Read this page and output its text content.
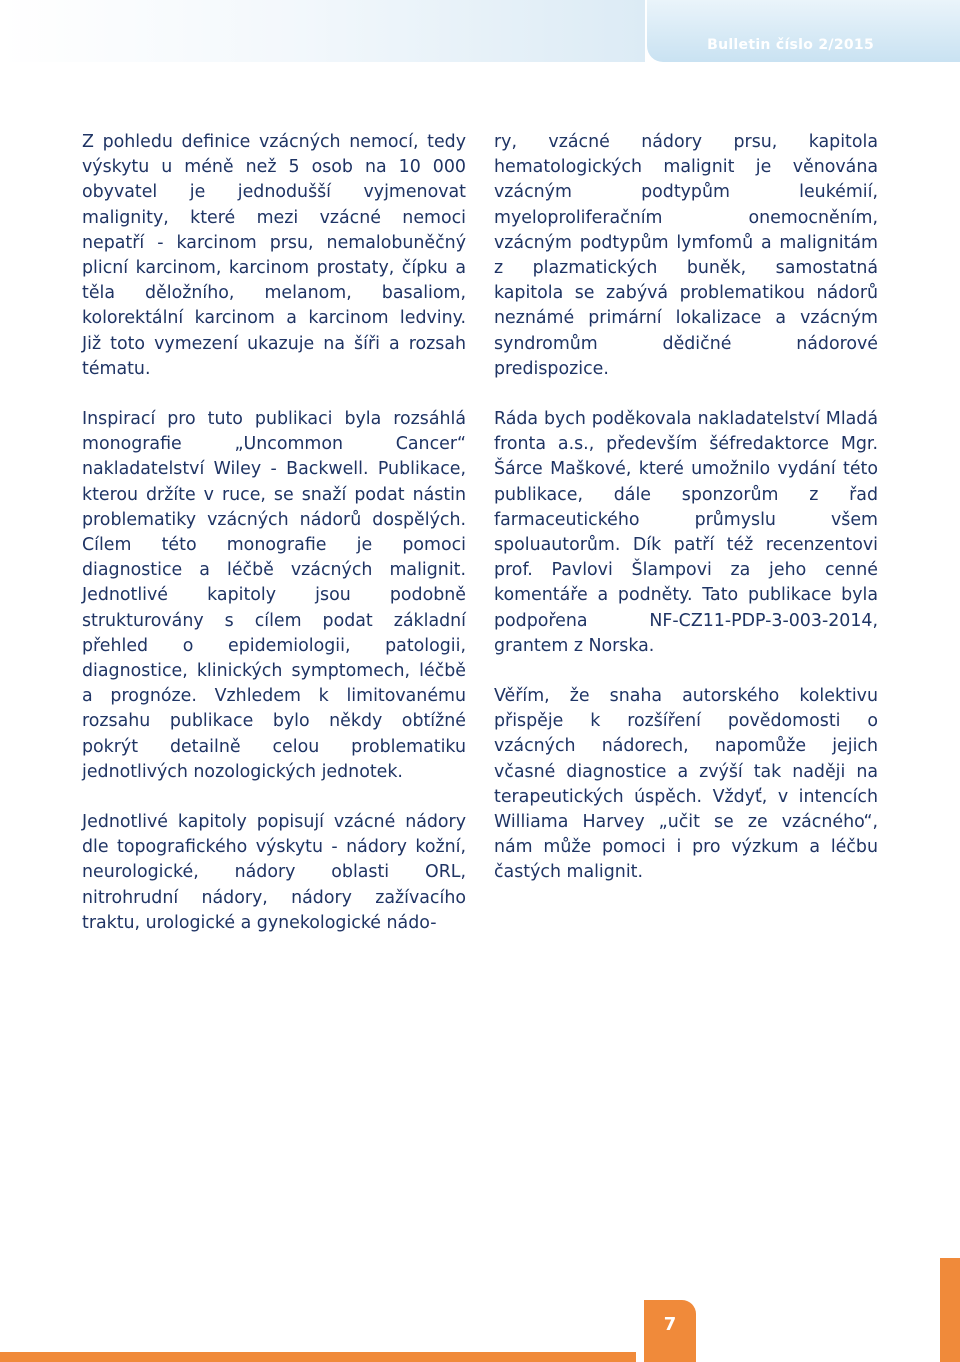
Bulletin číslo 2/2015

Z pohledu definice vzácných nemocí, tedy výskytu u méně než 5 osob na 10 000 obyvatel je jednodušší vyjmenovat malignity, které mezi vzácné nemoci nepatří - karcinom prsu, nemalobuněčný plicní karcinom, karcinom prostaty, čípku a těla děložního, melanom, basaliom, kolorektální karcinom a karcinom ledviny. Již toto vymezení ukazuje na šíři a rozsah tématu.

Inspirací pro tuto publikaci byla rozsáhlá monografie „Uncommon Cancer“ nakladatelství Wiley - Backwell. Publikace, kterou držíte v ruce, se snaží podat nástin problematiky vzácných nádorů dospělých. Cílem této monografie je pomoci diagnostice a léčbě vzácných malignit. Jednotlivé kapitoly jsou podobně strukturovány s cílem podat základní přehled o epidemiologii, patologii, diagnostice, klinických symptomech, léčbě a prognóze. Vzhledem k limitovanému rozsahu publikace bylo někdy obtížné pokrýt detailně celou problematiku jednotlivých nozologických jednotek.

Jednotlivé kapitoly popisují vzácné nádory dle topografického výskytu - nádory kožní, neurologické, nádory oblasti ORL, nitrohrudní nádory, nádory zažívacího traktu, urologické a gynekologické nádo-

ry, vzácné nádory prsu, kapitola hematologických malignit je věnována vzácným podtypům leukémií, myeloproliferačním onemocněním, vzácným podtypům lymfomů a malignitám z plazmatických buněk, samostatná kapitola se zabývá problematikou nádorů neznámé primární lokalizace a vzácným syndromům dědičné nádorové predispozice.

Ráda bych poděkovala nakladatelství Mladá fronta a.s., především šéfredaktorce Mgr. Šárce Maškové, které umožnilo vydání této publikace, dále sponzorům z řad farmaceutického průmyslu všem spoluautorům. Dík patří též recenzentovi prof. Pavlovi Šlampovi za jeho cenné komentáře a podněty. Tato publikace byla podpořena NF-CZ11-PDP-3-003-2014, grantem z Norska.

Věřím, že snaha autorského kolektivu přispěje k rozšíření povědomosti o vzácných nádorech, napomůže jejich včasné diagnostice a zvýší tak naději na terapeutických úspěch. Vždyť, v intencích Williama Harvey „učit se ze vzácného“, nám může pomoci i pro výzkum a léčbu častých malignit.

7
